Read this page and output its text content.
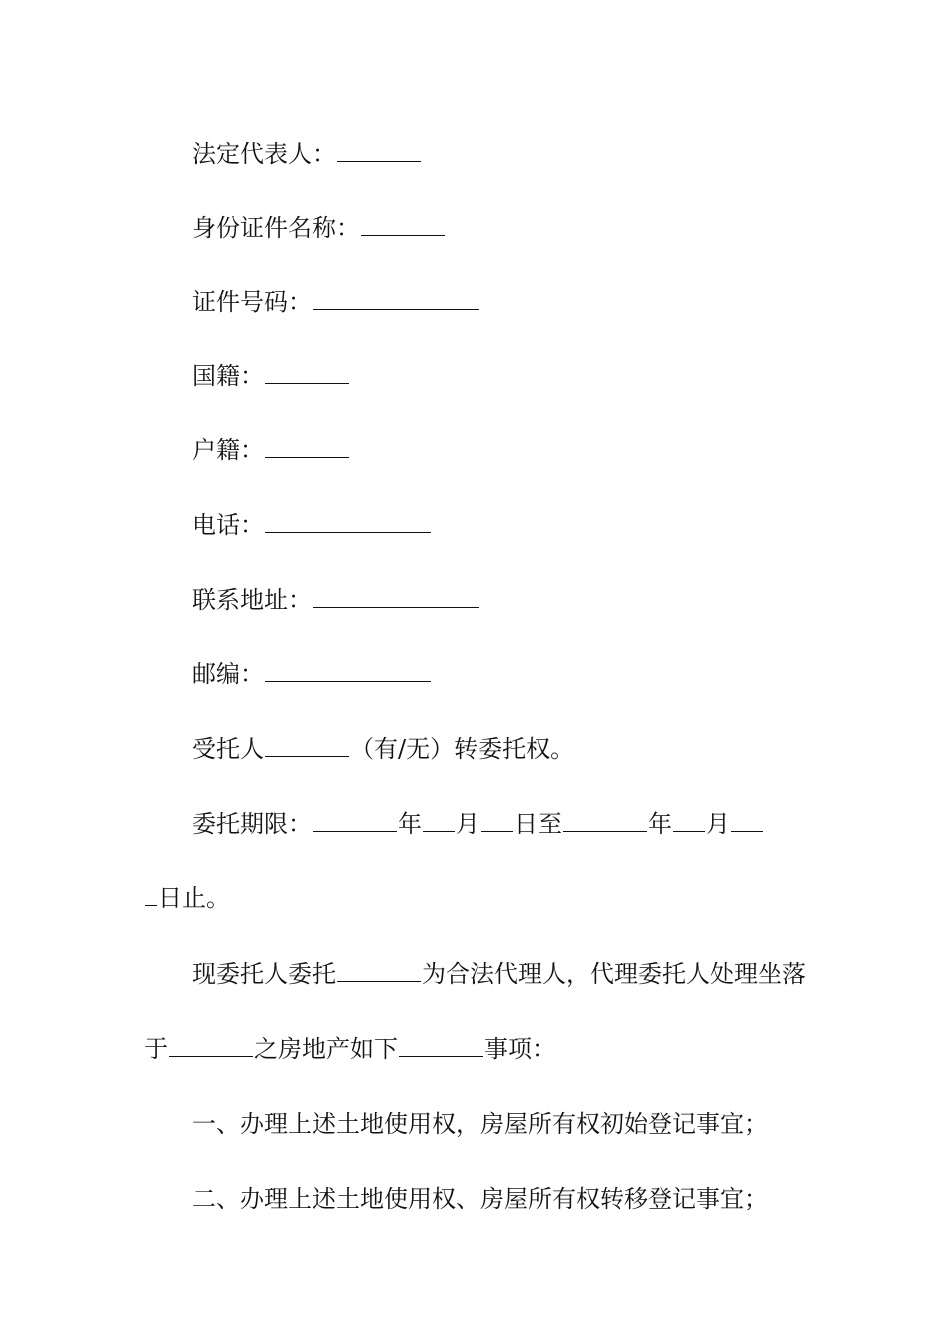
法定代表人：
身份证件名称：
证件号码：
国籍：
户籍：
电话：
联系地址：
邮编：
受托人	（有/无）转委托权。
委托期限：	年 月 日至	年 月
日止。
现委托人委托	为合法代理人，代理委托人处理坐落
于	之房地产如下	事项：
一、办理上述土地使用权，房屋所有权初始登记事宜；
二、办理上述土地使用权、房屋所有权转移登记事宜；
